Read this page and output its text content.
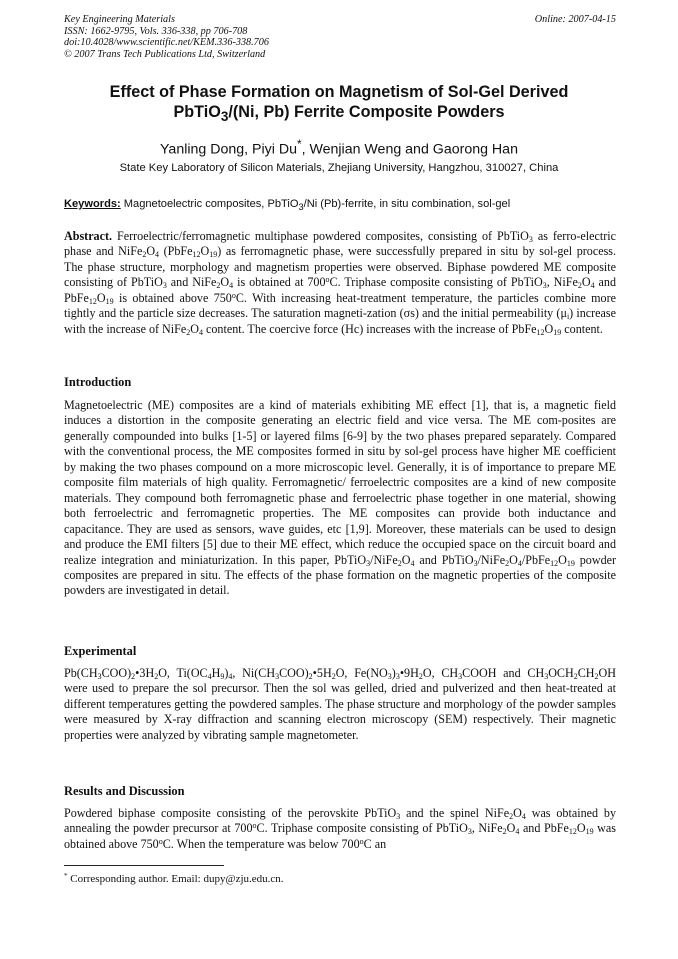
Key Engineering Materials
ISSN: 1662-9795, Vols. 336-338, pp 706-708
doi:10.4028/www.scientific.net/KEM.336-338.706
© 2007 Trans Tech Publications Ltd, Switzerland
Online: 2007-04-15
Effect of Phase Formation on Magnetism of Sol-Gel Derived
PbTiO$_3$/(Ni, Pb) Ferrite Composite Powders
Yanling Dong, Piyi Du*, Wenjian Weng and Gaorong Han
State Key Laboratory of Silicon Materials, Zhejiang University, Hangzhou, 310027, China
Keywords: Magnetoelectric composites, PbTiO$_3$/Ni (Pb)-ferrite, in situ combination, sol-gel
Abstract. Ferroelectric/ferromagnetic multiphase powdered composites, consisting of PbTiO$_3$ as ferro-electric phase and $NiFe_2O_4$ $(PbFe_{12}O_{19})$ as ferromagnetic phase, were successfully prepared in situ by sol-gel process. The phase structure, morphology and magnetism properties were observed. Biphase powdered ME composite consisting of PbTiO$_3$ and $NiFe_2O_4$ is obtained at 700$^o$C. Triphase composite consisting of PbTiO$_3$, $NiFe_2O_4$ and $PbFe_{12}O_{19}$ is obtained above 750$^o$C. With increasing heat-treatment temperature, the particles combine more tightly and the particle size decreases. The saturation magneti-zation (σs) and the initial permeability $(\mu_i)$ increase with the increase of $NiFe_2O_4$ content. The coercive force (Hc) increases with the increase of $PbFe_{12}O_{19}$ content.
Introduction
Magnetoelectric (ME) composites are a kind of materials exhibiting ME effect [1], that is, a magnetic field induces a distortion in the composite generating an electric field and vice versa. The ME com-posites are generally compounded into bulks [1-5] or layered films [6-9] by the two phases prepared separately. Compared with the conventional process, the ME composites formed in situ by sol-gel process have higher ME coefficient by making the two phases compound on a more microscopic level. Generally, it is of importance to prepare ME composite film materials of high quality. Ferromagnetic/ ferroelectric composites are a kind of new composite materials. They compound both ferromagnetic phase and ferroelectric phase together in one material, showing both ferroelectric and ferromagnetic properties. The ME composites can provide both inductance and capacitance. They are used as sensors, wave guides, etc [1,9]. Moreover, these materials can be used to design and produce the EMI filters [5] due to their ME effect, which reduce the occupied space on the circuit board and realize integration and miniaturization. In this paper, $PbTiO_3/NiFe_2O_4$ and $PbTiO_3/NiFe_2O_4/PbFe_{12}O_{19}$ powder composites are prepared in situ. The effects of the phase formation on the magnetic properties of the composite powders are investigated in detail.
Experimental
$Pb(CH_3COO)_2•3H_2O$, $Ti(OC_4H_9)_4$, $Ni(CH_3COO)_2•5H_2O$, $Fe(NO_3)_3•9H_2O$, $CH_3COOH$ and $CH_3OCH_2CH_2OH$ were used to prepare the sol precursor. Then the sol was gelled, dried and pulverized and then heat-treated at different temperatures getting the powdered samples. The phase structure and morphology of the powder samples were measured by X-ray diffraction and scanning electron microscopy (SEM) respectively. Their magnetic properties were analyzed by vibrating sample magnetometer.
Results and Discussion
Powdered biphase composite consisting of the perovskite PbTiO$_3$ and the spinel $NiFe_2O_4$ was obtained by annealing the powder precursor at 700$^o$C. Triphase composite consisting of PbTiO$_3$, $NiFe_2O_4$ and $PbFe_{12}O_{19}$ was obtained above 750$^o$C. When the temperature was below 700$^o$C an
* Corresponding author. Email: dupy@zju.edu.cn.
